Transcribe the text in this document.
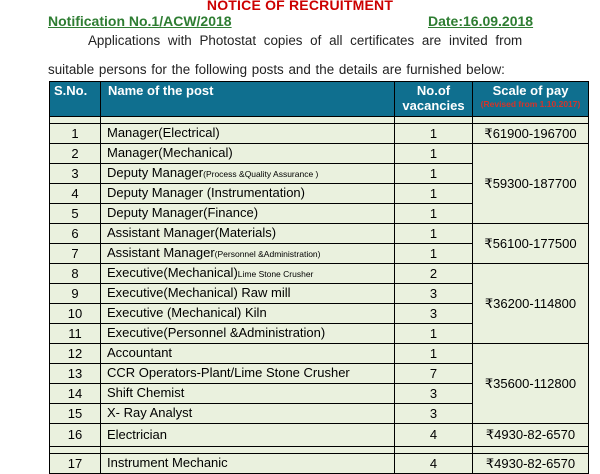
NOTICE OF RECRUITMENT
Notification No.1/ACW/2018	Date:16.09.2018
Applications with Photostat copies of all certificates are invited from
suitable persons for the following posts and the details are furnished below:
S.No.	Name of the post	No.of vacancies	Scale of pay
(Revised from 1.10.2017)

1	Manager(Electrical)	1	₹61900-196700
2	Manager(Mechanical)	1	₹59300-187700
3	Deputy Manager(Process &Quality Assurance )	1	
4	Deputy Manager (Instrumentation)	1	
5	Deputy Manager(Finance)	1	
6	Assistant Manager(Materials)	1	₹56100-177500
7	Assistant Manager(Personnel &Administration)	1	
8	Executive(Mechanical)Lime Stone Crusher	2	₹36200-114800
9	Executive(Mechanical) Raw mill	3	
10	Executive (Mechanical) Kiln	3	
11	Executive(Personnel &Administration)	1	
12	Accountant	1	₹35600-112800
13	CCR Operators-Plant/Lime Stone Crusher	7	
14	Shift Chemist	3	
15	X- Ray Analyst	3	
16	Electrician	4	₹4930-82-6570

17	Instrument Mechanic	4	₹4930-82-6570
